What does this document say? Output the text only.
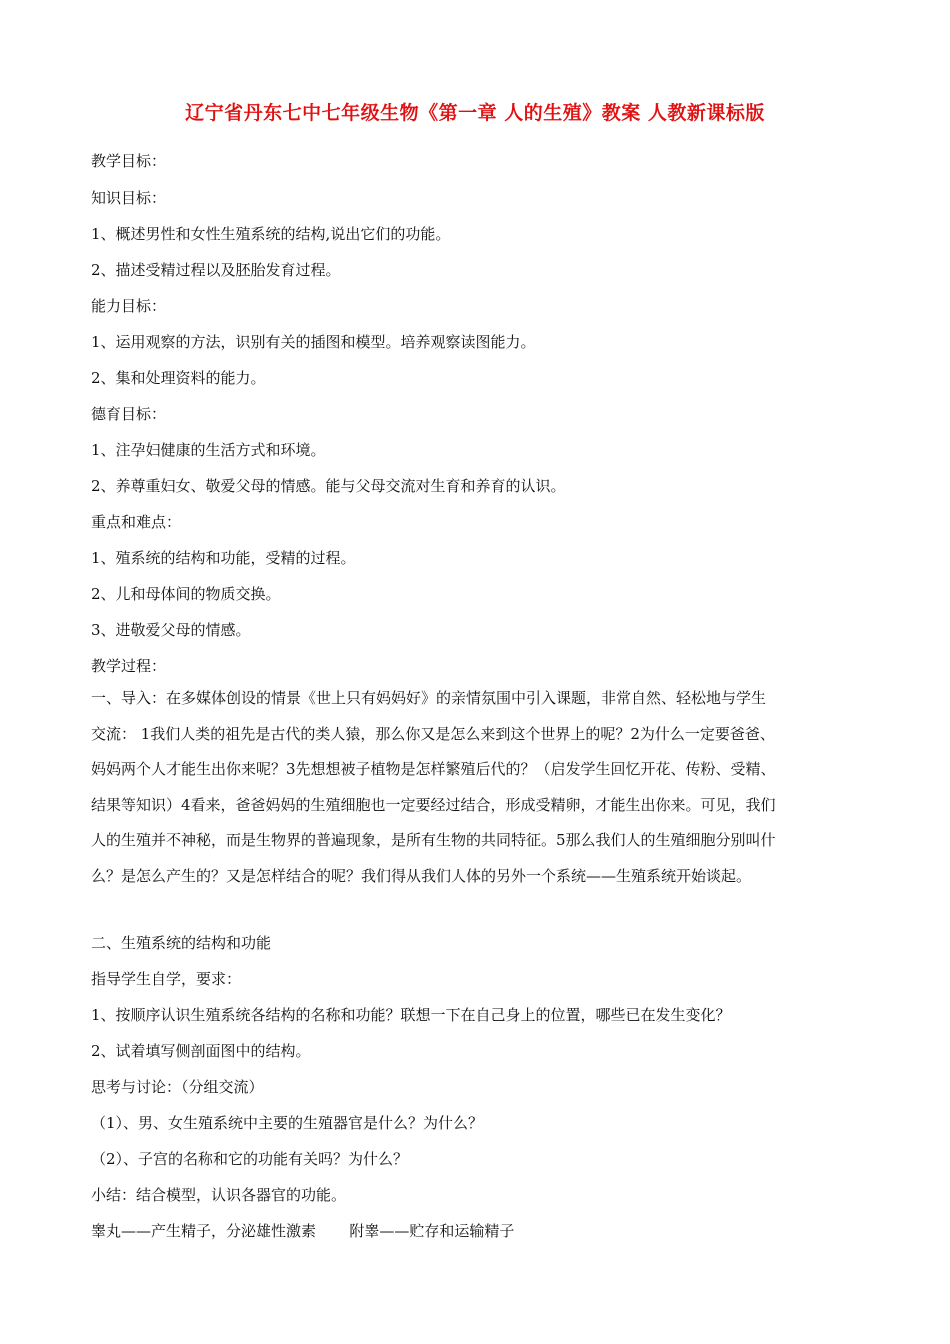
辽宁省丹东七中七年级生物《第一章 人的生殖》教案 人教新课标版
教学目标：
知识目标：
1、概述男性和女性生殖系统的结构,说出它们的功能。
2、描述受精过程以及胚胎发育过程。
能力目标：
1、运用观察的方法，识别有关的插图和模型。培养观察读图能力。
2、集和处理资料的能力。
德育目标：
1、注孕妇健康的生活方式和环境。
2、养尊重妇女、敬爱父母的情感。能与父母交流对生育和养育的认识。
重点和难点：
1、殖系统的结构和功能，受精的过程。
2、儿和母体间的物质交换。
3、进敬爱父母的情感。
教学过程：
一、导入：在多媒体创设的情景《世上只有妈妈好》的亲情氛围中引入课题，非常自然、轻松地与学生
交流： 1我们人类的祖先是古代的类人猿，那么你又是怎么来到这个世界上的呢？2为什么一定要爸爸、
妈妈两个人才能生出你来呢？3先想想被子植物是怎样繁殖后代的？（启发学生回忆开花、传粉、受精、
结果等知识）4看来，爸爸妈妈的生殖细胞也一定要经过结合，形成受精卵，才能生出你来。可见，我们
人的生殖并不神秘，而是生物界的普遍现象，是所有生物的共同特征。5那么我们人的生殖细胞分别叫什
么？是怎么产生的？又是怎样结合的呢？我们得从我们人体的另外一个系统——生殖系统开始谈起。
二、生殖系统的结构和功能
指导学生自学，要求：
1、按顺序认识生殖系统各结构的名称和功能？联想一下在自己身上的位置，哪些已在发生变化？
2、试着填写侧剖面图中的结构。
思考与讨论：（分组交流）
（1）、男、女生殖系统中主要的生殖器官是什么？为什么？
（2）、子宫的名称和它的功能有关吗？为什么？
小结：结合模型，认识各器官的功能。
睾丸——产生精子，分泌雄性激素       附睾——贮存和运输精子
